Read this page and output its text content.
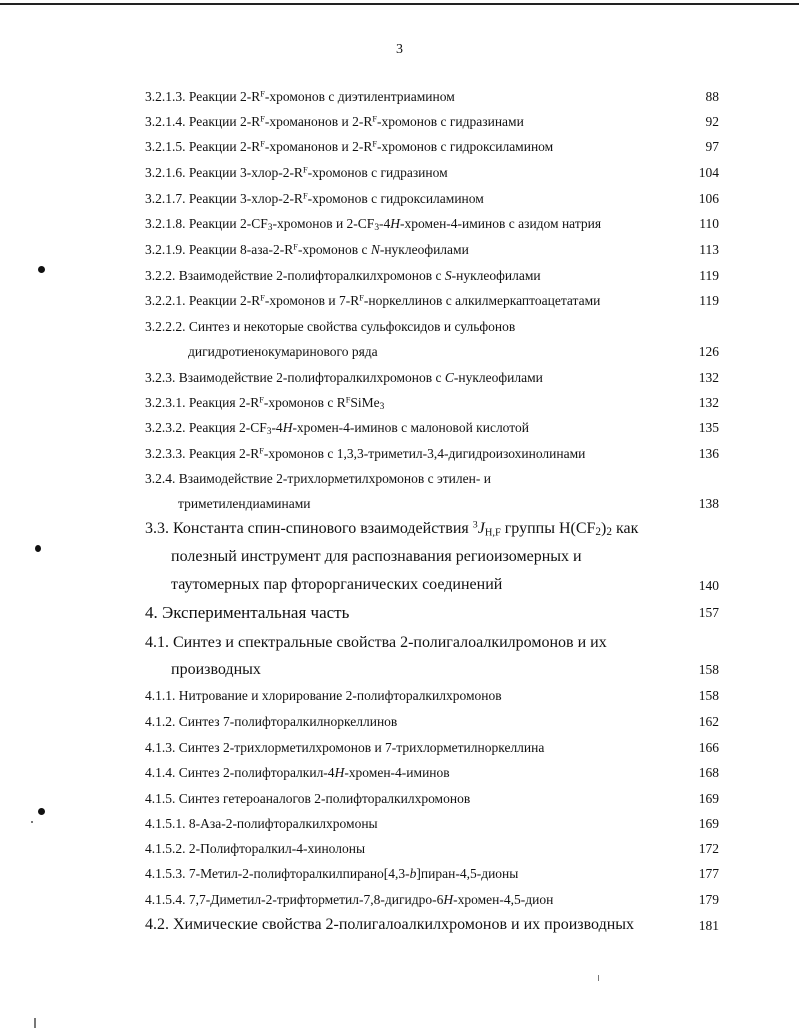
3
3.2.1.3. Реакции $2-R^F$-хромонов с диэтилентриамином	88
3.2.1.4. Реакции $2-R^F$-хроманонов и $2-R^F$-хромонов с гидразинами	92
3.2.1.5. Реакции $2-R^F$-хроманонов и $2-R^F$-хромонов с гидроксиламином	97
3.2.1.6. Реакции $3-хлор-2-R^F$-хромонов с гидразином	104
3.2.1.7. Реакции $3-хлор-2-R^F$-хромонов с гидроксиламином	106
3.2.1.8. Реакции $2-CF_3$-хромонов и $2-CF_3-4H-хромен-4$-иминов с азидом натрия	110
3.2.1.9. Реакции $8-аза-2-R^F$-хромонов с N-нуклеофилами	113
3.2.2. Взаимодействие 2-полифторалкилхромонов с S-нуклеофилами	119
3.2.2.1. Реакции $2-R^F$-хромонов и $7-R^F$-норкеллинов с алкилмеркаптоацетатами	119
3.2.2.2. Синтез и некоторые свойства сульфоксидов и сульфонов
дигидротиенокумаринового ряда	126
3.2.3. Взаимодействие 2-полифторалкилхромонов с C-нуклеофилами	132
3.2.3.1. Реакция $2-R^F$-хромонов с $R^FSiMe_3$	132
3.2.3.2. Реакция $2-CF_3-4H-хромен-4$-иминов с малоновой кислотой	135
3.2.3.3. Реакция $2-R^F$-хромонов с 1,3,3-триметил-3,4-дигидроизохинолинами	136
3.2.4. Взаимодействие 2-трихлорметилхромонов с этилен- и
триметилендиаминами	138
3.3. Константа спин-спинового взаимодействия $^3J_{H,F}$ группы $H(CF_2)_2$ как
полезный инструмент для распознавания региоизомерных и
таутомерных пар фторорганических соединений	140
4. Экспериментальная часть	157
4.1. Синтез и спектральные свойства 2-полигалоалкилромонов и их
производных	158
4.1.1. Нитрование и хлорирование 2-полифторалкилхромонов	158
4.1.2. Синтез 7-полифторалкилноркеллинов	162
4.1.3. Синтез 2-трихлорметилхромонов и 7-трихлорметилноркеллина	166
4.1.4. Синтез 2-полифторалкил-4H-хромен-4-иминов	168
4.1.5. Синтез гетероаналогов 2-полифторалкилхромонов	169
4.1.5.1. 8-Аза-2-полифторалкилхромоны	169
4.1.5.2. 2-Полифторалкил-4-хинолоны	172
4.1.5.3. 7-Метил-2-полифторалкилпирано[4,3-b]пиран-4,5-дионы	177
4.1.5.4. 7,7-Диметил-2-трифторметил-7,8-дигидро-6H-хромен-4,5-дион	179
4.2. Химические свойства 2-полигалоалкилхромонов и их производных	181
